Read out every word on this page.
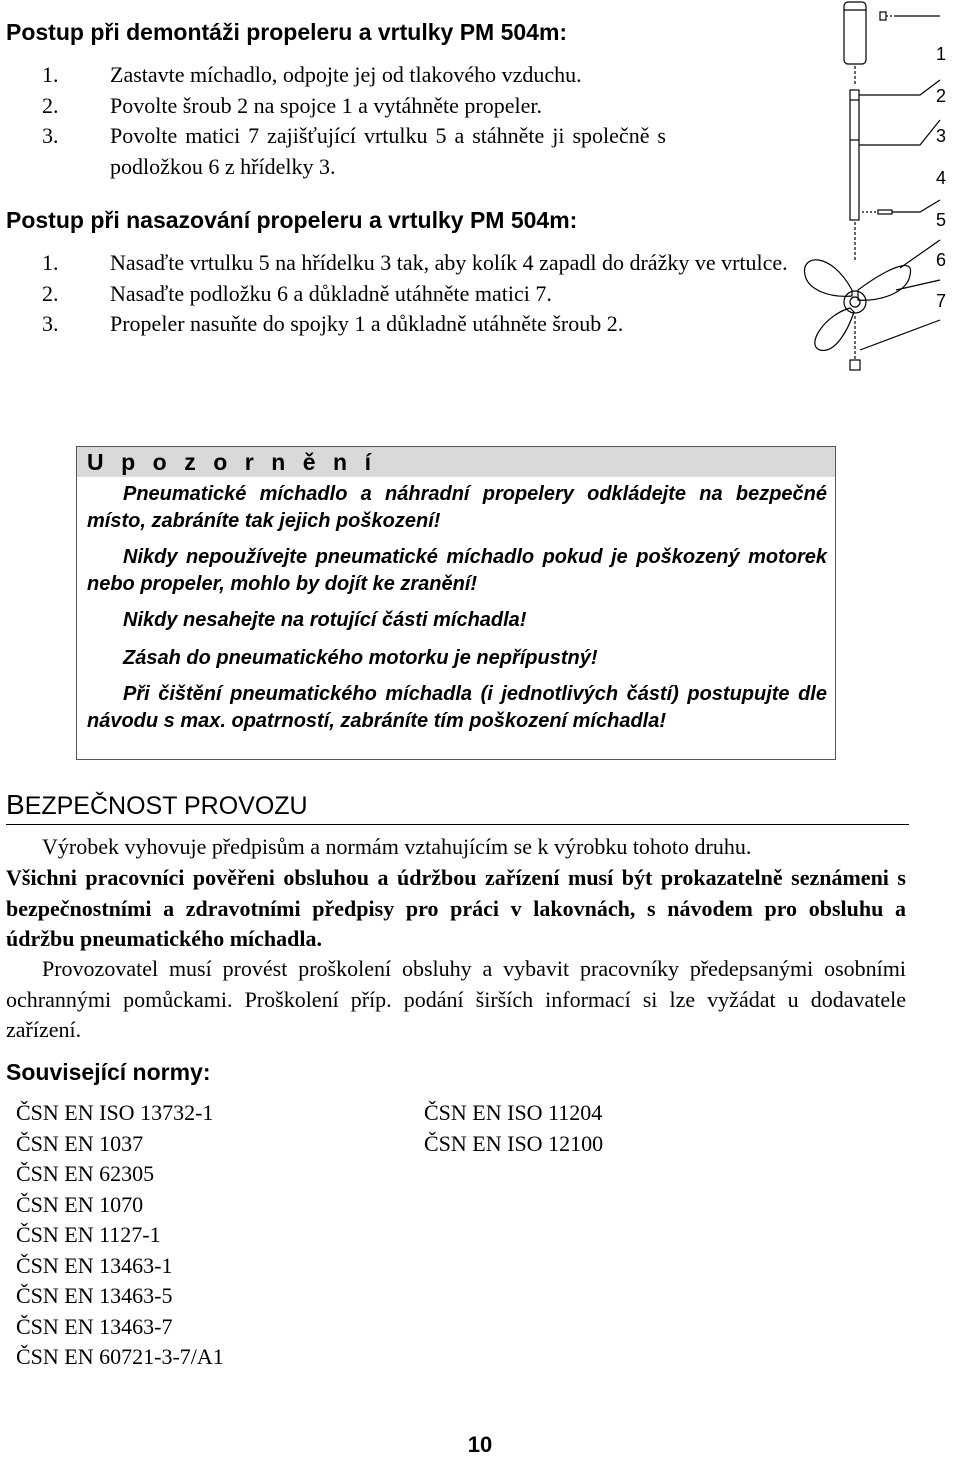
Postup při demontáži propeleru a vrtulky PM 504m:
1. Zastavte míchadlo, odpojte jej od tlakového vzduchu.
2. Povolte šroub 2 na spojce 1 a vytáhněte propeler.
3. Povolte matici 7 zajišťující vrtulku 5 a stáhněte ji společně s podložkou 6 z hřídelky 3.
Postup při nasazování propeleru a vrtulky PM 504m:
1. Nasaďte vrtulku 5 na hřídelku 3 tak, aby kolík 4 zapadl do drážky ve vrtulce.
2. Nasaďte podložku 6 a důkladně utáhněte matici 7.
3. Propeler nasuňte do spojky 1 a důkladně utáhněte šroub 2.
1
2
3
4
5
6
7
Upozornění

Pneumatické míchadlo a náhradní propelery odkládejte na bezpečné místo, zabráníte tak jejich poškození!

Nikdy nepoužívejte pneumatické míchadlo pokud je poškozený motorek nebo propeler, mohlo by dojít ke zranění!

Nikdy nesahejte na rotující části míchadla!

Zásah do pneumatického motorku je nepřípustný!

Při čištění pneumatického míchadla (i jednotlivých částí) postupujte dle návodu s max. opatrností, zabráníte tím poškození míchadla!

BEZPEČNOST PROVOZU

Výrobek vyhovuje předpisům a normám vztahujícím se k výrobku tohoto druhu.

Všichni pracovníci pověřeni obsluhou a údržbou zařízení musí být prokazatelně seznámeni s bezpečnostními a zdravotními předpisy pro práci v lakovnách, s návodem pro obsluhu a údržbu pneumatického míchadla.

Provozovatel musí provést proškolení obsluhy a vybavit pracovníky předepsanými osobními ochrannými pomůckami. Proškolení příp. podání širších informací si lze vyžádat u dodavatele zařízení.

Související normy:
ČSN EN ISO 13732-1
ČSN EN 1037
ČSN EN 62305
ČSN EN 1070
ČSN EN 1127-1
ČSN EN 13463-1
ČSN EN 13463-5
ČSN EN 13463-7
ČSN EN 60721-3-7/A1
ČSN EN ISO 11204
ČSN EN ISO 12100
10
